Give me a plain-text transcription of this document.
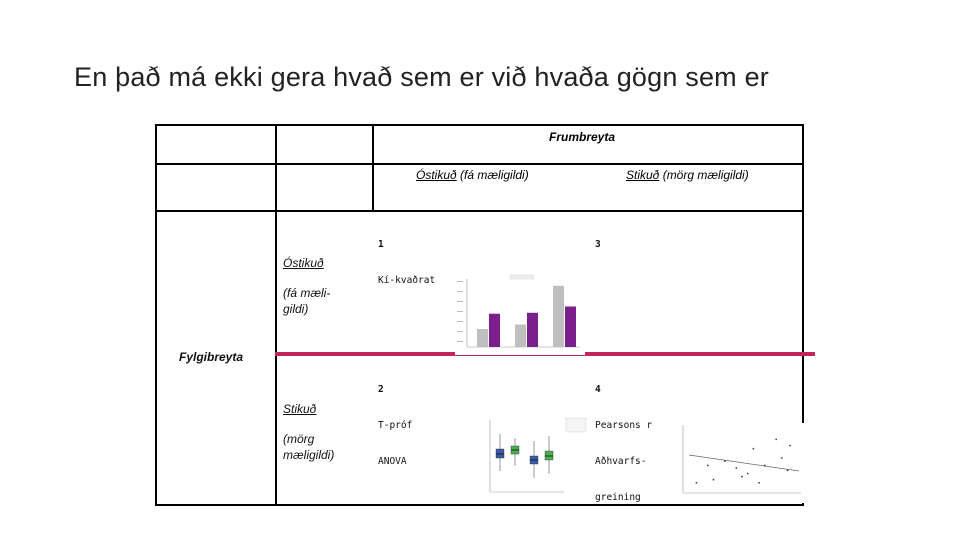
En það má ekki gera hvað sem er við hvaða gögn sem er
Frumbreyta
Óstikuð (fá mæligildi)	Stikuð (mörg mæligildi)
Óstikuð
(fá mæli-
gildi)
Stikuð
(mörg
mæligildi)
Fylgibreyta

1

Kí-kvaðrat

3

2

T-próf

ANOVA

4

Pearsons r

Aðhvarfs-

greining
